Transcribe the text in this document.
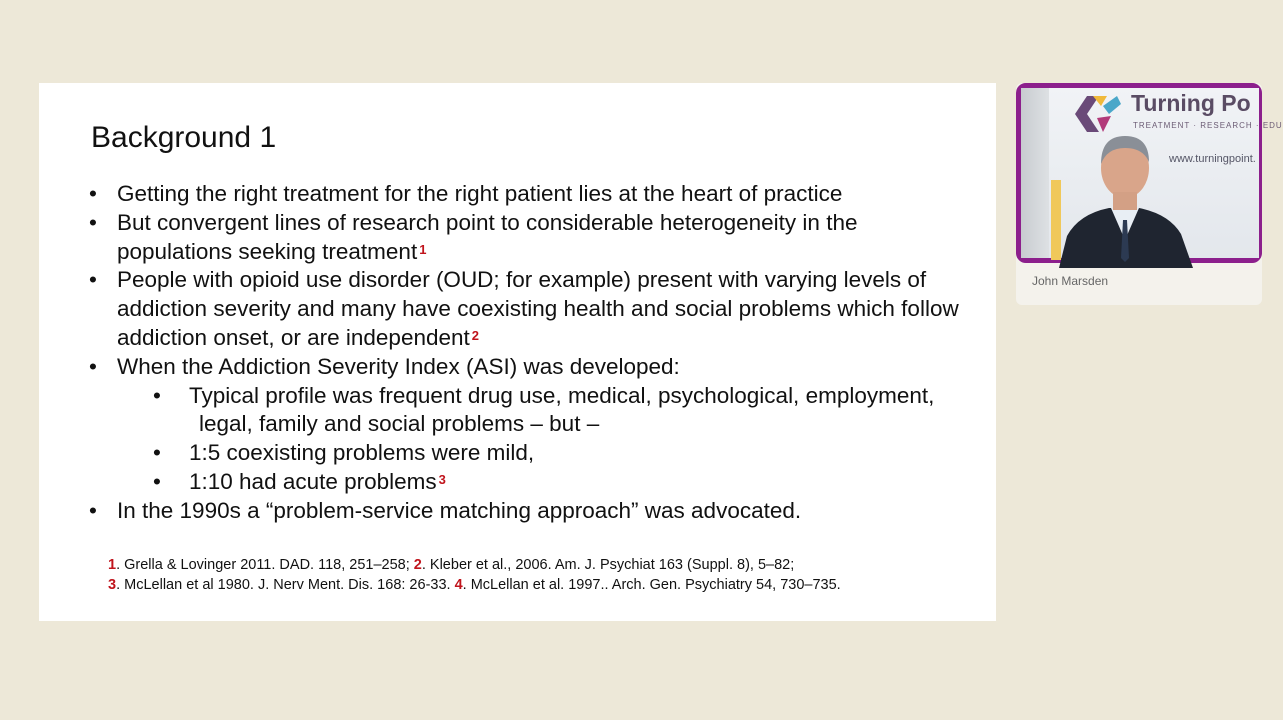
Background 1
• Getting the right treatment for the right patient lies at the heart of practice
• But convergent lines of research point to considerable heterogeneity in the populations seeking treatment $^1$
• People with opioid use disorder (OUD; for example) present with varying levels of addiction severity and many have coexisting health and social problems which follow addiction onset, or are independent $^2$
• When the Addiction Severity Index (ASI) was developed:
• Typical profile was frequent drug use, medical, psychological, employment,
legal, family and social problems – but –
• 1:5 coexisting problems were mild,
• 1:10 had acute problems $^3$
• In the 1990s a “problem-service matching approach” was advocated.
1. Grella & Lovinger 2011. DAD. 118, 251–258; 2. Kleber et al., 2006. Am. J. Psychiat 163 (Suppl. 8), 5–82;
3. McLellan et al 1980. J. Nerv Ment. Dis. 168: 26-33. 4. McLellan et al. 1997.. Arch. Gen. Psychiatry 54, 730–735.
Turning Po
TREATMENT · RESEARCH · EDU
www.turningpoint.
John Marsden
